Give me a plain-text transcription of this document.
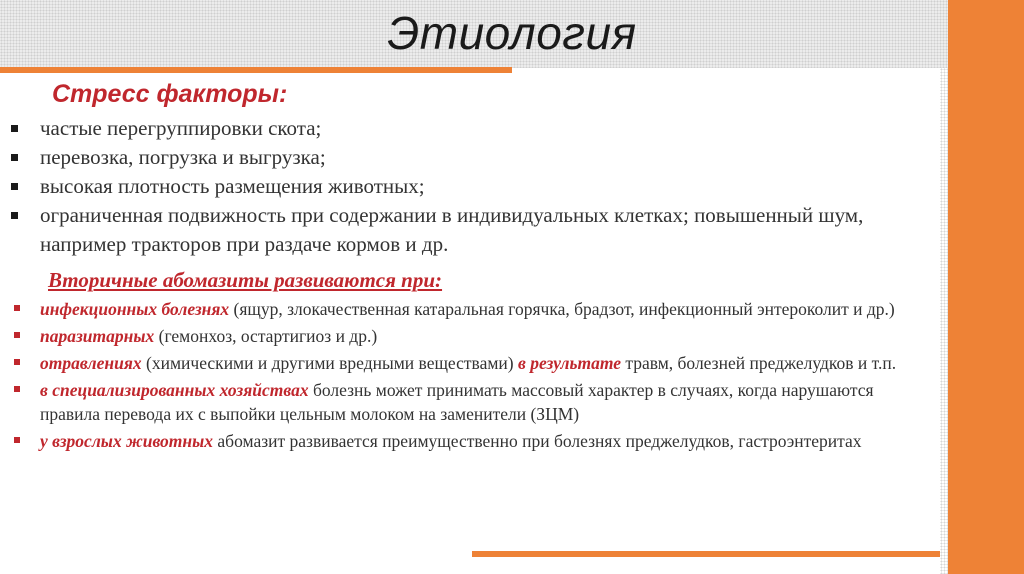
Этиология
Стресс факторы:
частые перегруппировки скота;
перевозка, погрузка и выгрузка;
высокая плотность размещения животных;
ограниченная подвижность при содержании в индивидуальных клетках; повышенный шум, например тракторов при раздаче кормов и др.
Вторичные абомазиты развиваются при:
инфекционных болезнях (ящур, злокачественная катаральная горячка, брадзот, инфекционный энтероколит и др.)
паразитарных (гемонхоз, остартигиоз и др.)
отравлениях (химическими и другими вредными веществами) в результате травм, болезней преджелудков и т.п.
в специализированных хозяйствах болезнь может принимать массовый характер в случаях, когда нарушаются правила перевода их с выпойки цельным молоком на заменители (ЗЦМ)
у взрослых животных абомазит развивается преимущественно при болезнях преджелудков, гастроэнтеритах
